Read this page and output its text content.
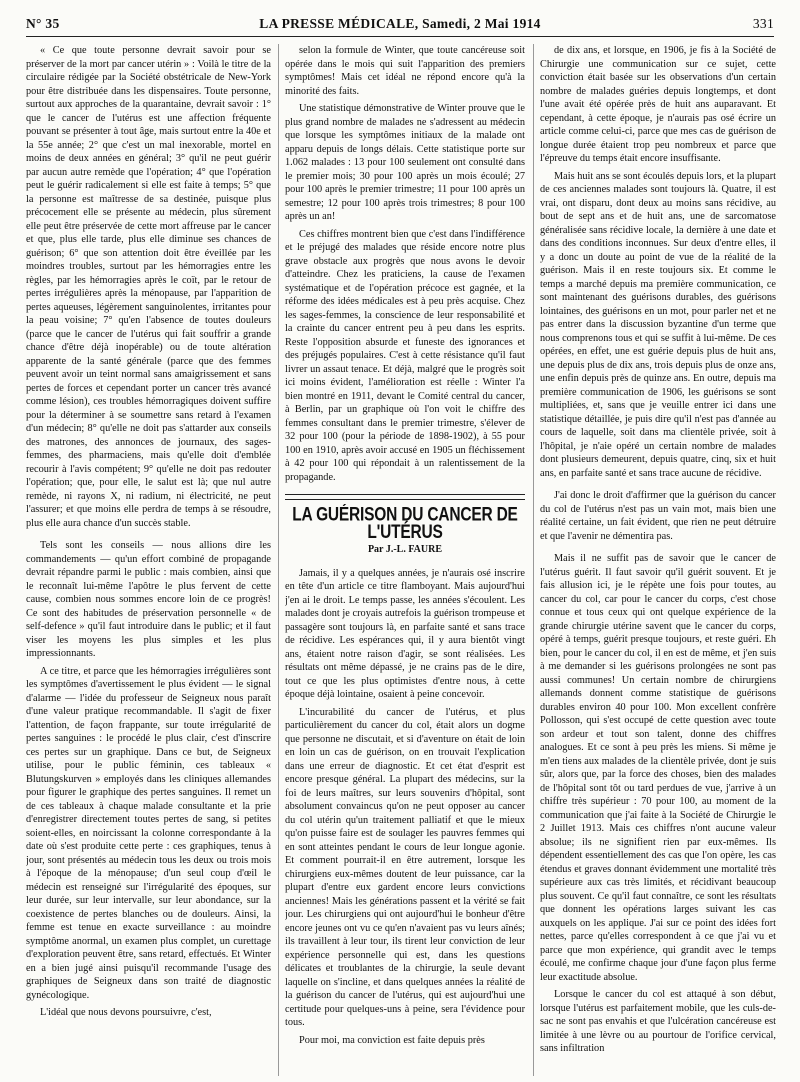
N° 35	LA PRESSE MÉDICALE, Samedi, 2 Mai 1914	331

« Ce que toute personne devrait savoir pour se préserver de la mort par cancer utérin » : Voilà le titre de la circulaire rédigée par la Société obstétricale de New-York pour être distribuée dans les dispensaires. Toute personne, surtout aux approches de la quarantaine, devrait savoir : 1° que le cancer de l'utérus est une affection fréquente pouvant se présenter à tout âge, mais surtout entre la 40e et la 55e année; 2° que c'est un mal inexorable, mortel en moins de deux années en général; 3° qu'il ne peut guérir par aucun autre remède que l'opération; 4° que l'opération peut le guérir radicalement si elle est faite à temps; 5° que la personne est maîtresse de sa destinée, puisque plus précocement elle se présente au médecin, plus sûrement elle peut être préservée de cette mort affreuse par le cancer et que, plus elle tarde, plus elle diminue ses chances de guérison; 6° que son attention doit être éveillée par les moindres troubles, surtout par les hémorragies entre les règles, par les hémorragies après le coït, par le retour de pertes irrégulières après la ménopause, par l'apparition de pertes aqueuses, légèrement sanguinolentes, irritantes pour la peau voisine; 7° qu'en l'absence de toutes douleurs (parce que le cancer de l'utérus qui fait souffrir a grande chance d'être déjà inopérable) ou de toute altération apparente de la santé générale (parce que des femmes peuvent avoir un teint normal sans amaigrissement et sans pertes de forces et cependant porter un cancer très avancé comme lésion), ces troubles hémorragiques doivent suffire pour la déterminer à se soumettre sans retard à l'examen d'un médecin; 8° qu'elle ne doit pas s'attarder aux conseils des matrones, des annonces de journaux, des sages-femmes, des pharmaciens, mais qu'elle doit d'emblée recourir à l'avis compétent; 9° qu'elle ne doit pas redouter l'opération; que, pour elle, le salut est là; que nul autre remède, ni rayons X, ni radium, ni électricité, ne peut l'assurer; et que moins elle perdra de temps à se résoudre, plus elle aura chance d'un succès stable.

Tels sont les conseils — nous allions dire les commandements — qu'un effort combiné de propagande devrait répandre parmi le public : mais combien, ainsi que le reconnaît lui-même l'apôtre le plus fervent de cette cause, combien nous sommes encore loin de ce progrès! Ce sont des habitudes de préservation personnelle « de self-defence » qu'il faut introduire dans le public; et il faut viser les moyens les plus simples et les plus impressionnants.

A ce titre, et parce que les hémorragies irrégulières sont les symptômes d'avertissement le plus évident — le signal d'alarme — l'idée du professeur de Seigneux nous paraît d'une valeur pratique recommandable. Il s'agit de fixer l'attention, de façon frappante, sur toute irrégularité de pertes sanguines : le procédé le plus clair, c'est d'inscrire ces pertes sur un graphique. Dans ce but, de Seigneux utilise, pour le public féminin, ces tableaux « Blutungskurven » employés dans les cliniques allemandes pour figurer le graphique des pertes sanguines. Il remet un de ces tableaux à chaque malade consultante et la prie d'enregistrer directement toutes pertes de sang, si petites soient-elles, en noircissant la colonne correspondante à la date où s'est produite cette perte : ces graphiques, tenus à jour, sont présentés au médecin tous les deux ou trois mois à l'époque de la ménopause; d'un seul coup d'œil le médecin est renseigné sur l'irrégularité des époques, sur leur durée, sur leur intervalle, sur leur abondance, sur la coexistence de pertes blanches ou de douleurs. Ainsi, la femme est tenue en exacte surveillance : au moindre symptôme anormal, un examen plus complet, un curettage d'exploration peuvent être, sans retard, effectués. Et Winter en a bien jugé ainsi puisqu'il recommande l'usage des graphiques de Seigneux dans son traité de diagnostic gynécologique.

L'idéal que nous devons poursuivre, c'est,

selon la formule de Winter, que toute cancéreuse soit opérée dans le mois qui suit l'apparition des premiers symptômes! Mais cet idéal ne répond encore qu'à la minorité des faits.

Une statistique démonstrative de Winter prouve que le plus grand nombre de malades ne s'adressent au médecin que lorsque les symptômes initiaux de la malade ont apparu depuis de longs délais. Cette statistique porte sur 1.062 malades : 13 pour 100 seulement ont consulté dans le premier mois; 30 pour 100 après un mois écoulé; 27 pour 100 après le premier trimestre; 11 pour 100 après un semestre; 12 pour 100 après trois trimestres; 8 pour 100 après un an!

Ces chiffres montrent bien que c'est dans l'indifférence et le préjugé des malades que réside encore notre plus grave obstacle aux progrès que nous avons le devoir d'atteindre. Chez les praticiens, la cause de l'examen systématique et de l'opération précoce est gagnée, et la réforme des idées médicales est à peu près acquise. Chez les sages-femmes, la conscience de leur responsabilité et la crainte du cancer entrent peu à peu dans les esprits. Reste l'opposition absurde et funeste des ignorances et des préjugés populaires. C'est à cette résistance qu'il faut livrer un assaut tenace. Et déjà, malgré que le progrès soit ici moins évident, l'amélioration est réelle : Winter l'a bien montré en 1911, devant le Comité central du cancer, à Berlin, par un graphique où l'on voit le chiffre des femmes consultant dans le premier trimestre, s'élever de 32 pour 100 (pour la période de 1898-1902), à 55 pour 100 en 1910, après avoir accusé en 1905 un fléchissement à 42 pour 100 qui répondait à un ralentissement de la propagande.

LA GUÉRISON DU CANCER DE L'UTÉRUS
Par J.-L. FAURE

Jamais, il y a quelques années, je n'aurais osé inscrire en tête d'un article ce titre flamboyant. Mais aujourd'hui j'en ai le droit. Le temps passe, les années s'écoulent. Les malades dont je croyais autrefois la guérison trompeuse et passagère sont toujours là, en parfaite santé et sans trace de récidive. Les espérances qui, il y aura bientôt vingt ans, étaient notre raison d'agir, se sont réalisées. Les résultats ont même dépassé, je ne crains pas de le dire, tout ce que les plus optimistes d'entre nous, à cette époque déjà lointaine, osaient à peine concevoir.

L'incurabilité du cancer de l'utérus, et plus particulièrement du cancer du col, était alors un dogme que personne ne discutait, et si d'aventure on était de loin en loin un cas de guérison, on en trouvait l'explication dans une erreur de diagnostic. Et cet état d'esprit est encore presque général. La plupart des médecins, sur la foi de leurs maîtres, sur leurs souvenirs d'hôpital, sont absolument convaincus qu'on ne peut opposer au cancer du col utérin qu'un traitement palliatif et que le mieux qu'on puisse faire est de soulager les pauvres femmes qui en sont atteintes pendant le cours de leur longue agonie. Et comment pourrait-il en être autrement, lorsque les chirurgiens eux-mêmes doutent de leur puissance, car la plupart d'entre eux gardent encore leurs convictions anciennes! Mais les générations passent et la vérité se fait jour. Les chirurgiens qui ont aujourd'hui le bonheur d'être encore jeunes ont vu ce qu'en n'avaient pas vu leurs aînés; ils travaillent à leur tour, ils tirent leur conviction de leur expérience personnelle qui est, dans les questions délicates et troublantes de la chirurgie, la seule devant laquelle on s'incline, et dans quelques années la réalité de la guérison du cancer de l'utérus, qui est aujourd'hui une certitude pour quelques-uns à peine, sera l'évidence pour tous.

Pour moi, ma conviction est faite depuis près

de dix ans, et lorsque, en 1906, je fis à la Société de Chirurgie une communication sur ce sujet, cette conviction était basée sur les observations d'un certain nombre de malades guéries depuis longtemps, et dont l'une avait été opérée près de huit ans auparavant. Et cependant, à cette époque, je n'aurais pas osé écrire un article comme celui-ci, parce que mes cas de guérison de longue durée étaient trop peu nombreux et parce que l'épreuve du temps était encore insuffisante.

Mais huit ans se sont écoulés depuis lors, et la plupart de ces anciennes malades sont toujours là. Quatre, il est vrai, ont disparu, dont deux au moins sans récidive, au bout de sept ans et de huit ans, une de sarcomatose généralisée sans récidive locale, la dernière à une date et dans des conditions inconnues. Sur deux d'entre elles, il y a donc un doute au point de vue de la réalité de la guérison. Mais il en reste toujours six. Et comme le temps a marché depuis ma première communication, ce sont maintenant des guérisons durables, des guérisons lointaines, des guérisons en un mot, pour parler net et ne pas entrer dans la discussion byzantine d'un terme que nous comprenons tous et qui se suffit à lui-même. De ces opérées, en effet, une est guérie depuis plus de huit ans, une depuis plus de dix ans, trois depuis plus de onze ans, une enfin depuis près de quinze ans. En outre, depuis ma première communication de 1906, les guérisons se sont multipliées, et, sans que je veuille entrer ici dans une statistique détaillée, je puis dire qu'il n'est pas d'année au cours de laquelle, soit dans ma clientèle privée, soit à l'hôpital, je n'aie opéré un certain nombre de malades dont plusieurs demeurent, depuis quatre, cinq, six et huit ans, en parfaite santé et sans trace aucune de récidive.

J'ai donc le droit d'affirmer que la guérison du cancer du col de l'utérus n'est pas un vain mot, mais bien une réalité certaine, un fait évident, que rien ne peut détruire et que l'avenir ne démentira pas.

Mais il ne suffit pas de savoir que le cancer de l'utérus guérit. Il faut savoir qu'il guérit souvent. Et je fais allusion ici, je le répète une fois pour toutes, au cancer du col, car pour le cancer du corps, c'est chose connue et tous ceux qui ont quelque expérience de la grande chirurgie utérine savent que le cancer du corps, opéré à temps, guérit presque toujours, et reste guéri. Eh bien, pour le cancer du col, il en est de même, et j'en suis à me demander si les guérisons prolongées ne sont pas aussi communes! Un certain nombre de chirurgiens allemands donnent comme statistique de guérisons durables environ 40 pour 100. Mon excellent confrère Pollosson, qui s'est occupé de cette question avec toute son ardeur et tout son talent, donne des chiffres analogues. Et ce sont à peu près les miens. Si même je m'en tiens aux malades de la clientèle privée, dont je suis sûr, alors que, par la force des choses, bien des malades de l'hôpital sont tôt ou tard perdues de vue, j'arrive à un chiffre très supérieur : 70 pour 100, au moment de la communication que j'ai faite à la Société de Chirurgie le 2 Juillet 1913. Mais ces chiffres n'ont aucune valeur absolue; ils ne signifient rien par eux-mêmes. Ils dépendent essentiellement des cas que l'on opère, les cas étendus et graves donnant évidemment une mortalité très supérieure aux cas très limités, et récidivant beaucoup plus souvent. Ce qu'il faut connaître, ce sont les résultats que donnent les opérations larges suivant les cas auxquels on les applique. J'ai sur ce point des idées fort nettes, parce qu'elles correspondent à ce que j'ai vu et parce que mon expérience, qui grandit avec le temps écoulé, me confirme chaque jour d'une façon plus ferme leur exactitude absolue.

Lorsque le cancer du col est attaqué à son début, lorsque l'utérus est parfaitement mobile, que les culs-de-sac ne sont pas envahis et que l'ulcération cancéreuse est limitée à une lèvre ou au pourtour de l'orifice cervical, sans infiltration
